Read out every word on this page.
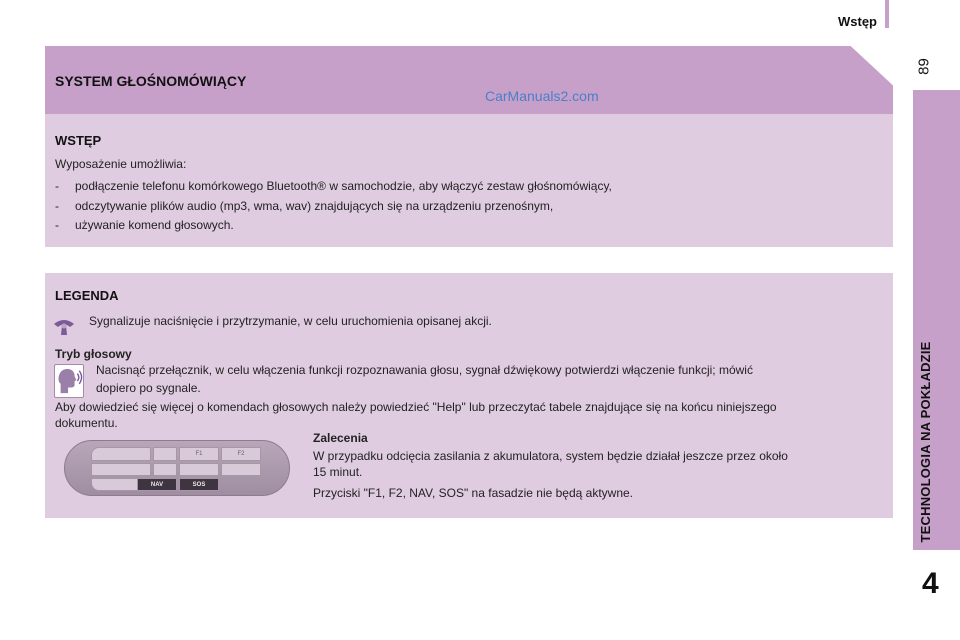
Wstęp
89
TECHNOLOGIA NA POKŁADZIE
4
SYSTEM GŁOŚNOMÓWIĄCY
CarManuals2.com
WSTĘP
Wyposażenie umożliwia:
- podłączenie telefonu komórkowego Bluetooth® w samochodzie, aby włączyć zestaw głośnomówiący,
- odczytywanie plików audio (mp3, wma, wav) znajdujących się na urządzeniu przenośnym,
- używanie komend głosowych.
LEGENDA
Sygnalizuje naciśnięcie i przytrzymanie, w celu uruchomienia opisanej akcji.
Tryb głosowy
Nacisnąć przełącznik, w celu włączenia funkcji rozpoznawania głosu, sygnał dźwiękowy potwierdzi włączenie funkcji; mówić
dopiero po sygnale.
Aby dowiedzieć się więcej o komendach głosowych należy powiedzieć "Help" lub przeczytać tabele znajdujące się na końcu niniejszego
dokumentu.
F1	F2
NAV	SOS
Zalecenia
W przypadku odcięcia zasilania z akumulatora, system będzie działał jeszcze przez około
15 minut.
Przyciski "F1, F2, NAV, SOS" na fasadzie nie będą aktywne.
